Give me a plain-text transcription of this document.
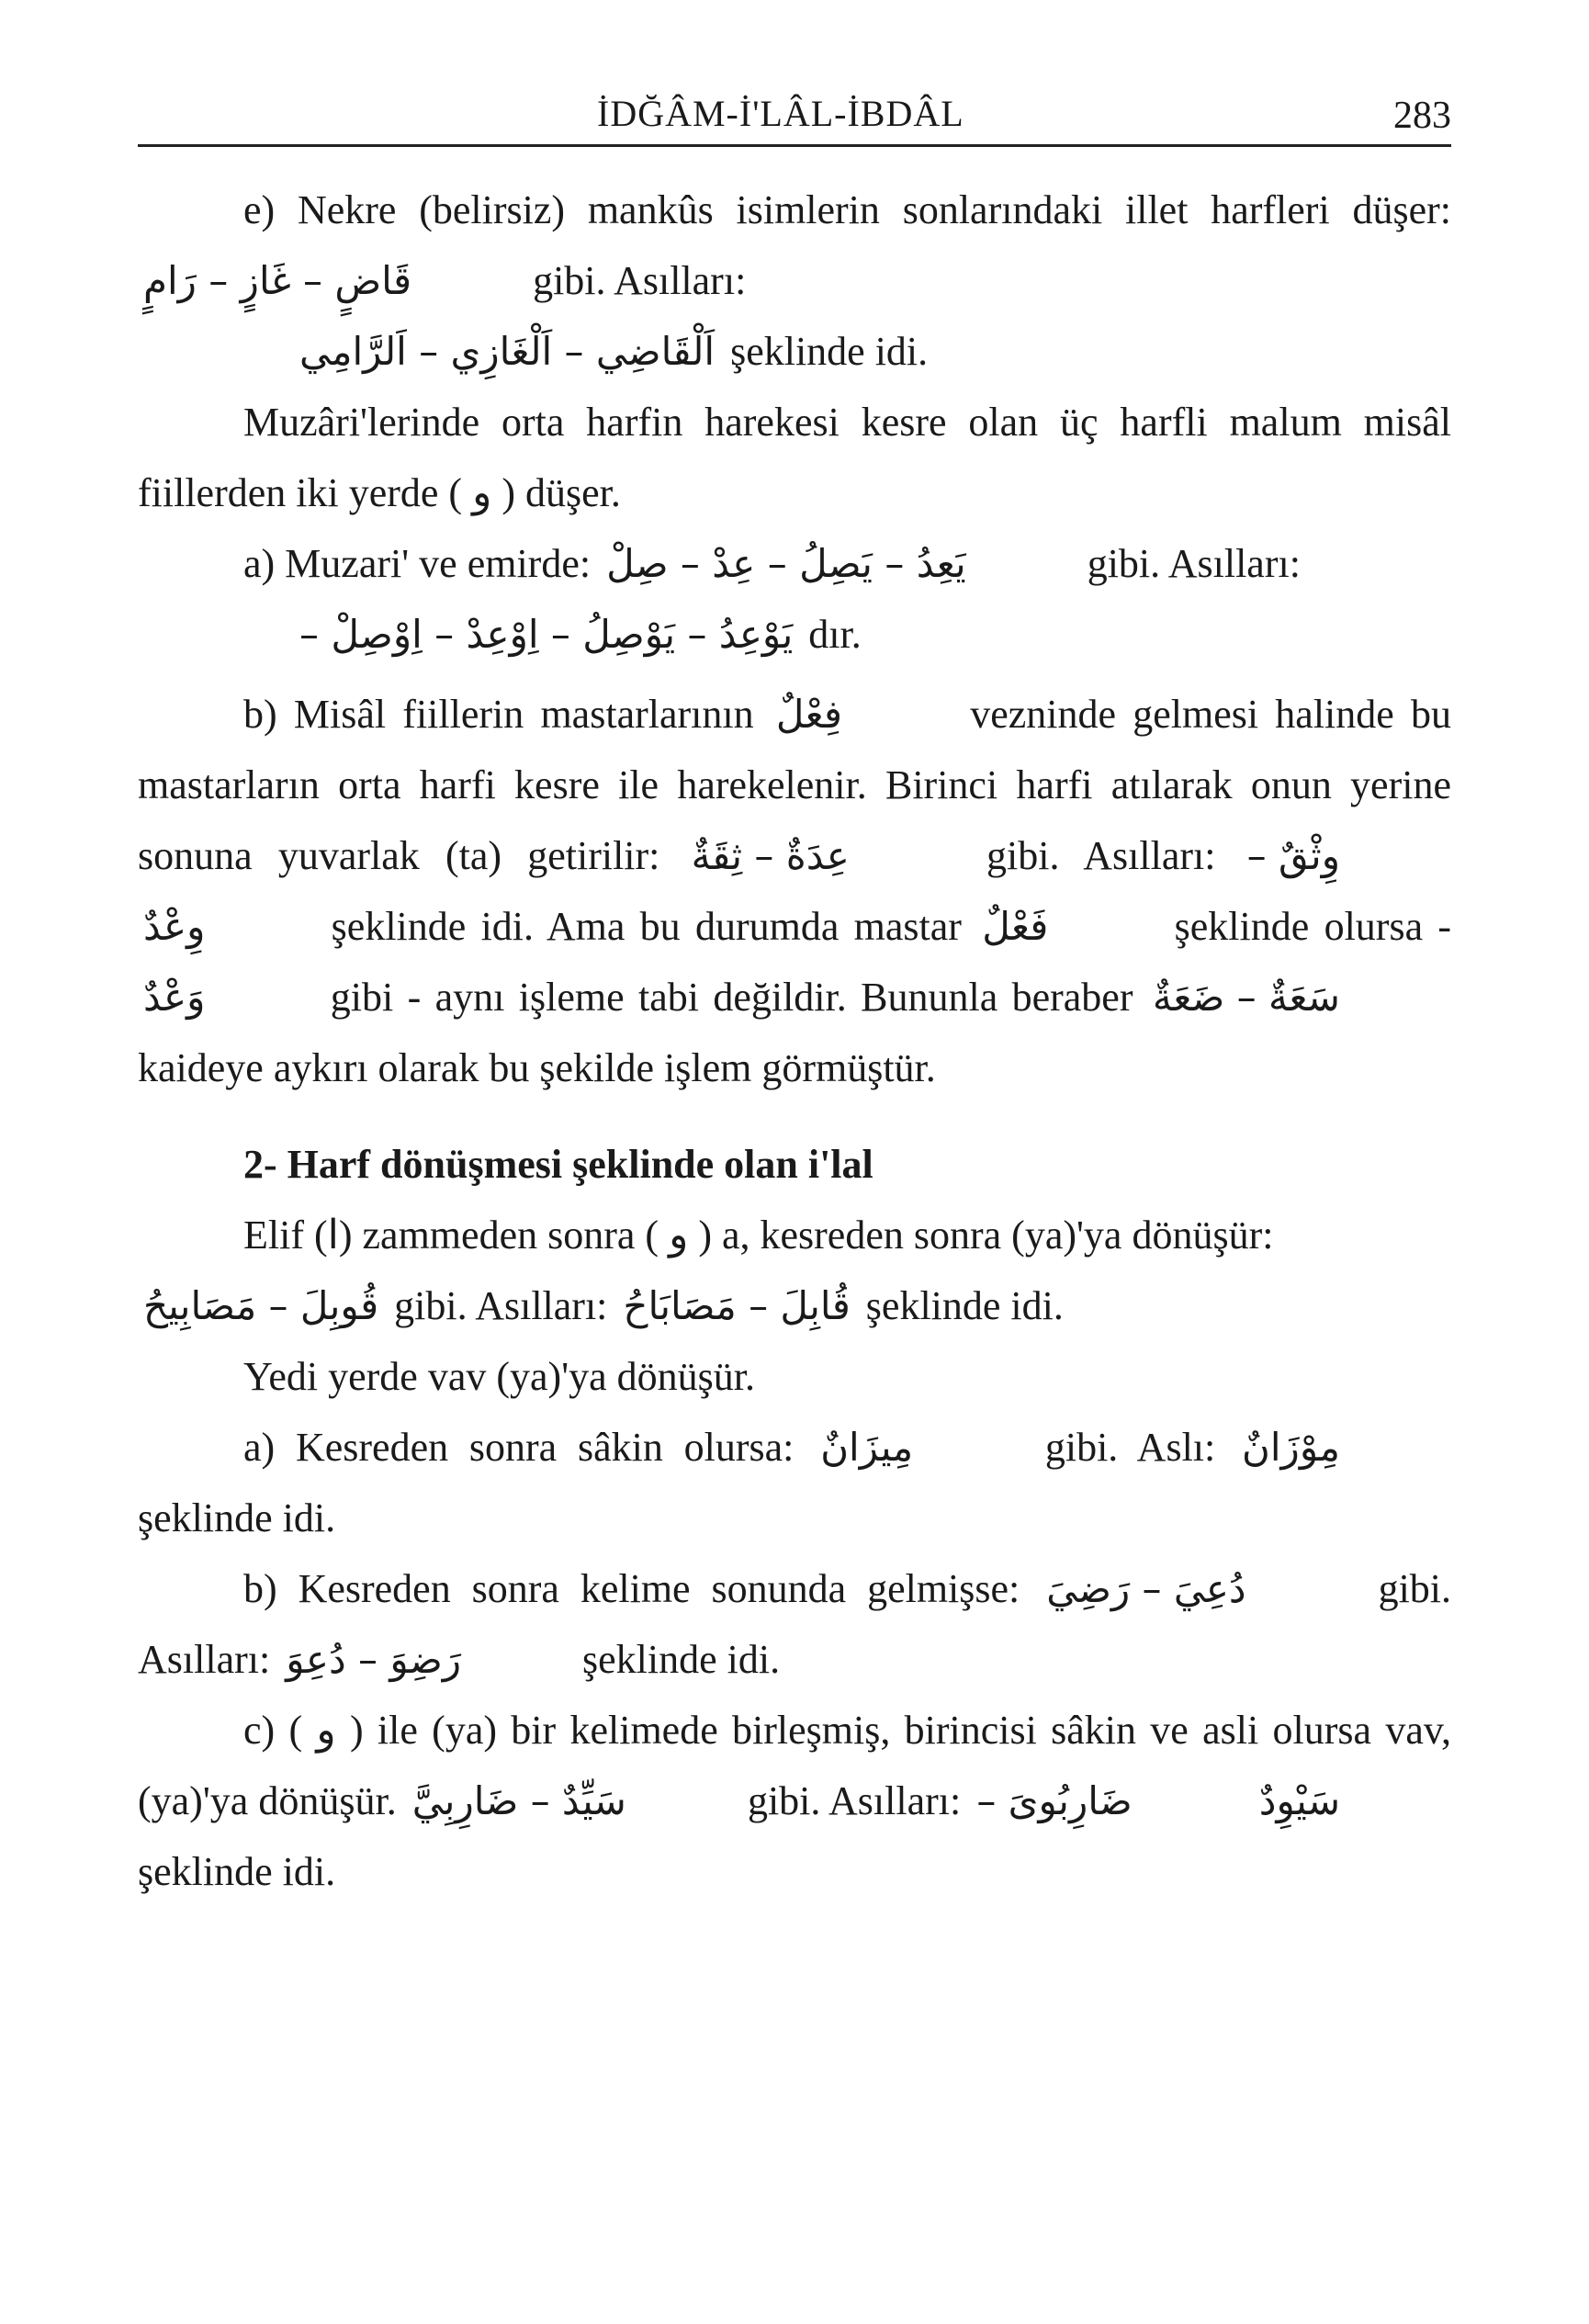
İDĞÂM-İ'LÂL-İBDÂL	283

e) Nekre (belirsiz) mankûs isimlerin sonlarındaki illet harfleri düşer: قَاضٍ – غَازٍ – رَامٍ	gibi. Asılları:

اَلْقَاضِي – اَلْغَازِي – اَلرَّامِي şeklinde idi.

Muzâri'lerinde orta harfin harekesi kesre olan üç harfli malum misâl fiillerden iki yerde ( و ) düşer.

a) Muzari' ve emirde: يَعِدُ – يَصِلُ – عِدْ – صِلْ	gibi. Asılları:

يَوْعِدُ – يَوْصِلُ – اِوْعِدْ – اِوْصِلْ – dır.

b) Misâl fiillerin mastarlarının فِعْلٌ	vezninde gelmesi halinde bu mastarların orta harfi kesre ile harekelenir. Birinci harfi atılarak onun yerine sonuna yuvarlak (ta) getirilir: عِدَةٌ – ثِقَةٌ	gibi. Asılları: وِثْقٌ – وِعْدٌ	şeklinde idi. Ama bu durumda mastar فَعْلٌ	şeklinde olursa - وَعْدٌ	gibi - aynı işleme tabi değildir. Bununla beraber سَعَةٌ – ضَعَةٌ kaideye aykırı olarak bu şekilde işlem görmüştür.

2- Harf dönüşmesi şeklinde olan i'lal

Elif (ا) zammeden sonra ( و ) a, kesreden sonra (ya)'ya dönüşür:

قُوبِلَ – مَصَابِيحُ gibi. Asılları: قُابِلَ – مَصَابَاحُ şeklinde idi.

Yedi yerde vav (ya)'ya dönüşür.

a) Kesreden sonra sâkin olursa: مِيزَانٌ	gibi. Aslı: مِوْزَانٌ şeklinde idi.

b) Kesreden sonra kelime sonunda gelmişse: دُعِيَ – رَضِيَ	gibi. Asılları: رَضِوَ – دُعِوَ	şeklinde idi.

c) ( و ) ile (ya) bir kelimede birleşmiş, birincisi sâkin ve asli olursa vav, (ya)'ya dönüşür. سَيِّدٌ – ضَارِبِيَّ	gibi. Asılları: ضَارِبُوىَ –	سَيْوِدٌ şeklinde idi.
